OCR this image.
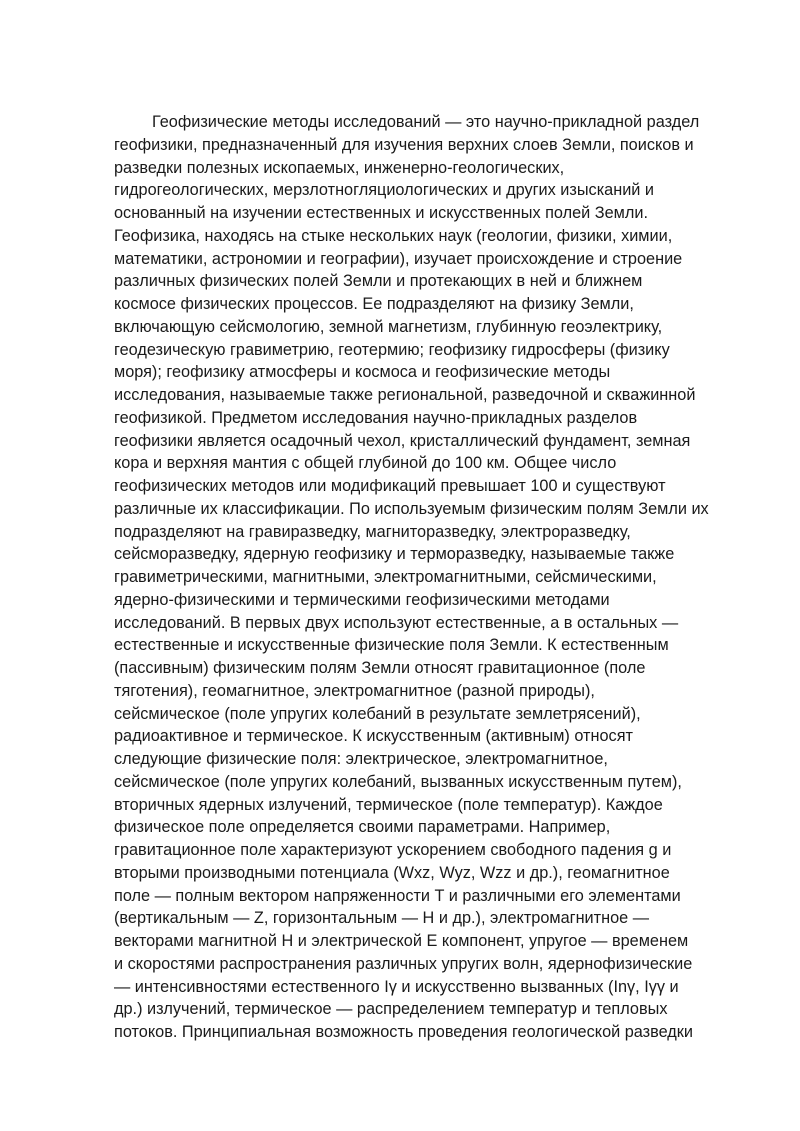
Геофизические методы исследований — это научно-прикладной раздел
геофизики, предназначенный для изучения верхних слоев Земли, поисков и
разведки полезных ископаемых, инженерно-геологических,
гидрогеологических, мерзлотногляциологических и других изысканий и
основанный на изучении естественных и искусственных полей Земли.
Геофизика, находясь на стыке нескольких наук (геологии, физики, химии,
математики, астрономии и географии), изучает происхождение и строение
различных физических полей Земли и протекающих в ней и ближнем
космосе физических процессов. Ее подразделяют на физику Земли,
включающую сейсмологию, земной магнетизм, глубинную геоэлектрику,
геодезическую гравиметрию, геотермию; геофизику гидросферы (физику
моря); геофизику атмосферы и космоса и геофизические методы
исследования, называемые также региональной, разведочной и скважинной
геофизикой. Предметом исследования научно-прикладных разделов
геофизики является осадочный чехол, кристаллический фундамент, земная
кора и верхняя мантия с общей глубиной до 100 км. Общее число
геофизических методов или модификаций превышает 100 и существуют
различные их классификации. По используемым физическим полям Земли их
подразделяют на гравиразведку, магниторазведку, электроразведку,
сейсморазведку, ядерную геофизику и терморазведку, называемые также
гравиметрическими, магнитными, электромагнитными, сейсмическими,
ядерно-физическими и термическими геофизическими методами
исследований. В первых двух используют естественные, а в остальных —
естественные и искусственные физические поля Земли. К естественным
(пассивным) физическим полям Земли относят гравитационное (поле
тяготения), геомагнитное, электромагнитное (разной природы),
сейсмическое (поле упругих колебаний в результате землетрясений),
радиоактивное и термическое. К искусственным (активным) относят
следующие физические поля: электрическое, электромагнитное,
сейсмическое (поле упругих колебаний, вызванных искусственным путем),
вторичных ядерных излучений, термическое (поле температур). Каждое
физическое поле определяется своими параметрами. Например,
гравитационное поле характеризуют ускорением свободного падения g и
вторыми производными потенциала (Wxz, Wyz, Wzz и др.), геомагнитное
поле — полным вектором напряженности T и различными его элементами
(вертикальным — Z, горизонтальным — H и др.), электромагнитное —
векторами магнитной H и электрической E компонент, упругое — временем
и скоростями распространения различных упругих волн, ядернофизические
— интенсивностями естественного Iγ и искусственно вызванных (Inγ, Iγγ и
др.) излучений, термическое — распределением температур и тепловых
потоков. Принципиальная возможность проведения геологической разведки
